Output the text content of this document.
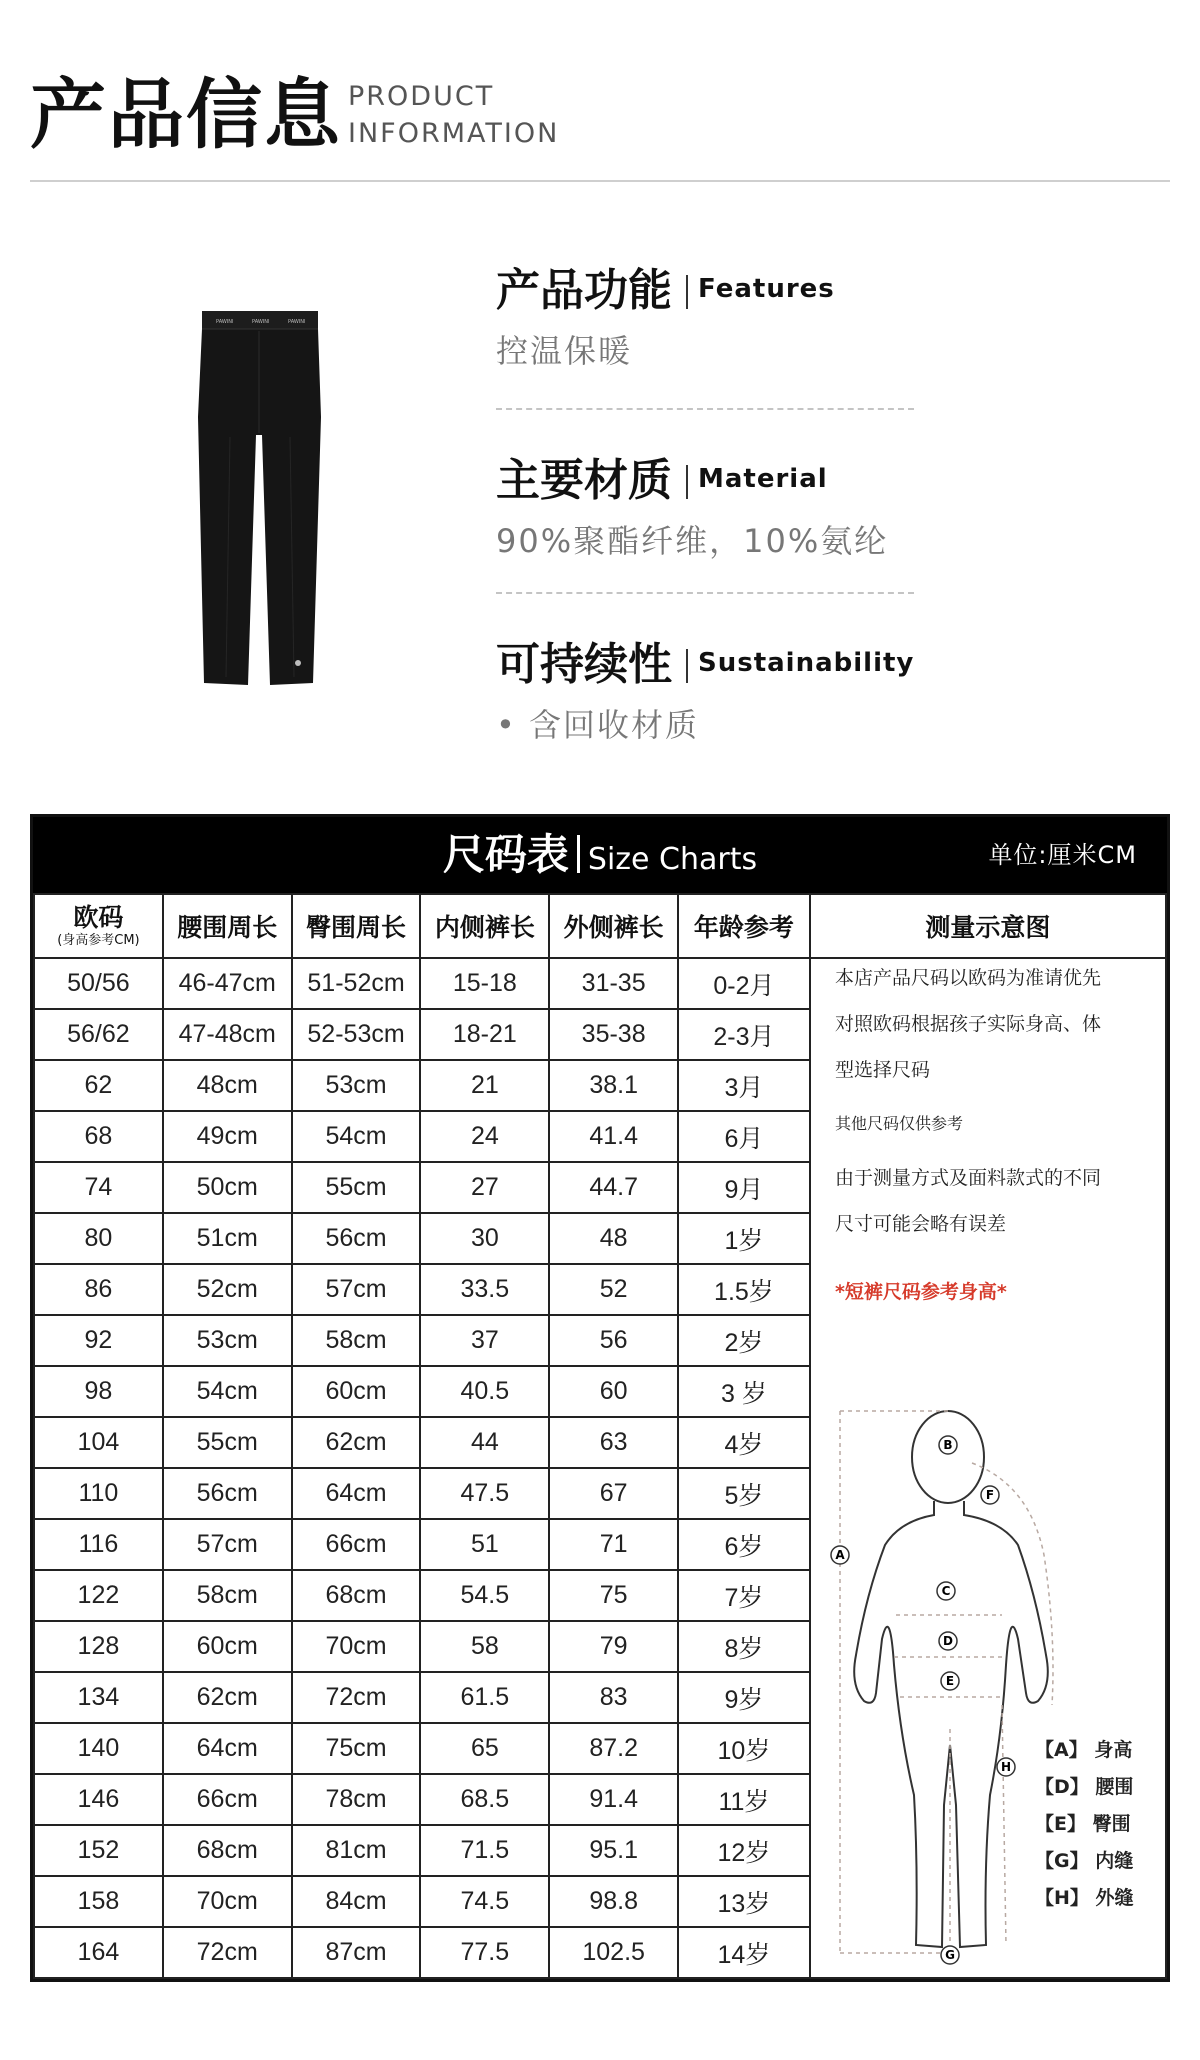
产品信息 PRODUCT
INFORMATION
PAWINI	PAWINI	PAWINI
产品功能 Features
控温保暖
主要材质 Material
90%聚酯纤维，10%氨纶
可持续性 Sustainability
• 含回收材质
尺码表 Size Charts	单位:厘米CM
欧码
(身高参考CM)	腰围周长	臀围周长	内侧裤长	外侧裤长	年龄参考	测量示意图
50/56	46-47cm	51-52cm	15-18	31-35	0-2月	
56/62	47-48cm	52-53cm	18-21	35-38	2-3月	
62	48cm	53cm	21	38.1	3月	
68	49cm	54cm	24	41.4	6月	
74	50cm	55cm	27	44.7	9月	
80	51cm	56cm	30	48	1岁	
86	52cm	57cm	33.5	52	1.5岁	
92	53cm	58cm	37	56	2岁	
98	54cm	60cm	40.5	60	3 岁	
104	55cm	62cm	44	63	4岁	
110	56cm	64cm	47.5	67	5岁	
116	57cm	66cm	51	71	6岁	
122	58cm	68cm	54.5	75	7岁	
128	60cm	70cm	58	79	8岁	
134	62cm	72cm	61.5	83	9岁	
140	64cm	75cm	65	87.2	10岁	
146	66cm	78cm	68.5	91.4	11岁	
152	68cm	81cm	71.5	95.1	12岁	
158	70cm	84cm	74.5	98.8	13岁	
164	72cm	87cm	77.5	102.5	14岁	
本店产品尺码以欧码为准请优先
对照欧码根据孩子实际身高、体
型选择尺码
其他尺码仅供参考
由于测量方式及面料款式的不同
尺寸可能会略有误差
*短裤尺码参考身高*
A
B
C
D
E
F
G
H
【A】 身高
【D】 腰围
【E】 臀围
【G】 内缝
【H】 外缝
